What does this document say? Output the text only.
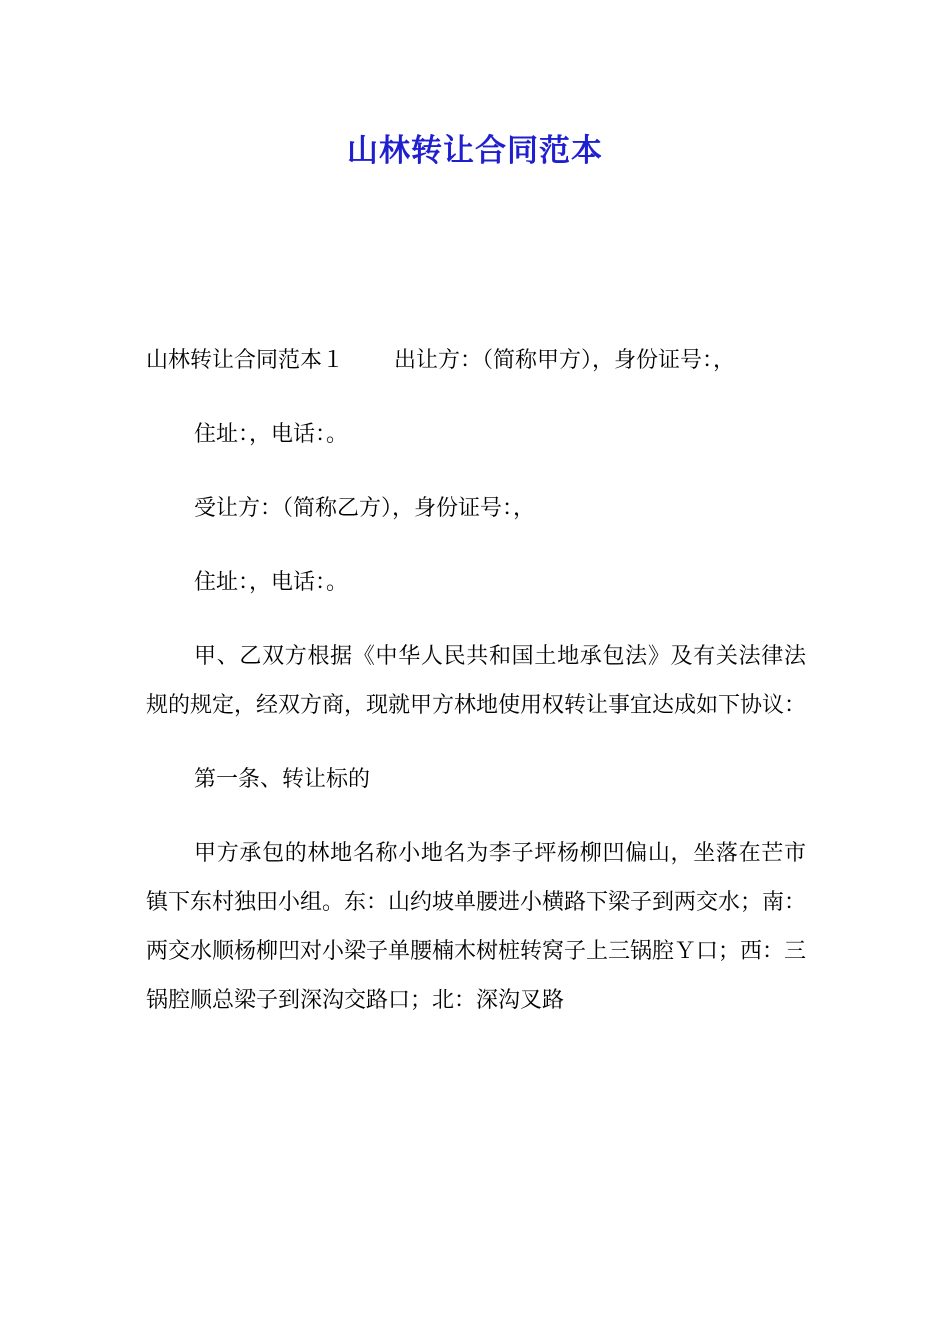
山林转让合同范本

山林转让合同范本１ 出让方：（简称甲方），身份证号：，

住址：，电话：。

受让方：（简称乙方），身份证号：，

住址：，电话：。

甲、乙双方根据《中华人民共和国土地承包法》及有关法律法规的规定，经双方商，现就甲方林地使用权转让事宜达成如下协议：

第一条、转让标的

甲方承包的林地名称小地名为李子坪杨柳凹偏山，坐落在芒市镇下东村独田小组。东：山约坡单腰进小横路下梁子到两交水；南：两交水顺杨柳凹对小梁子单腰楠木树桩转窝子上三锅腔Ｙ口；西：三锅腔顺总梁子到深沟交路口；北：深沟叉路
